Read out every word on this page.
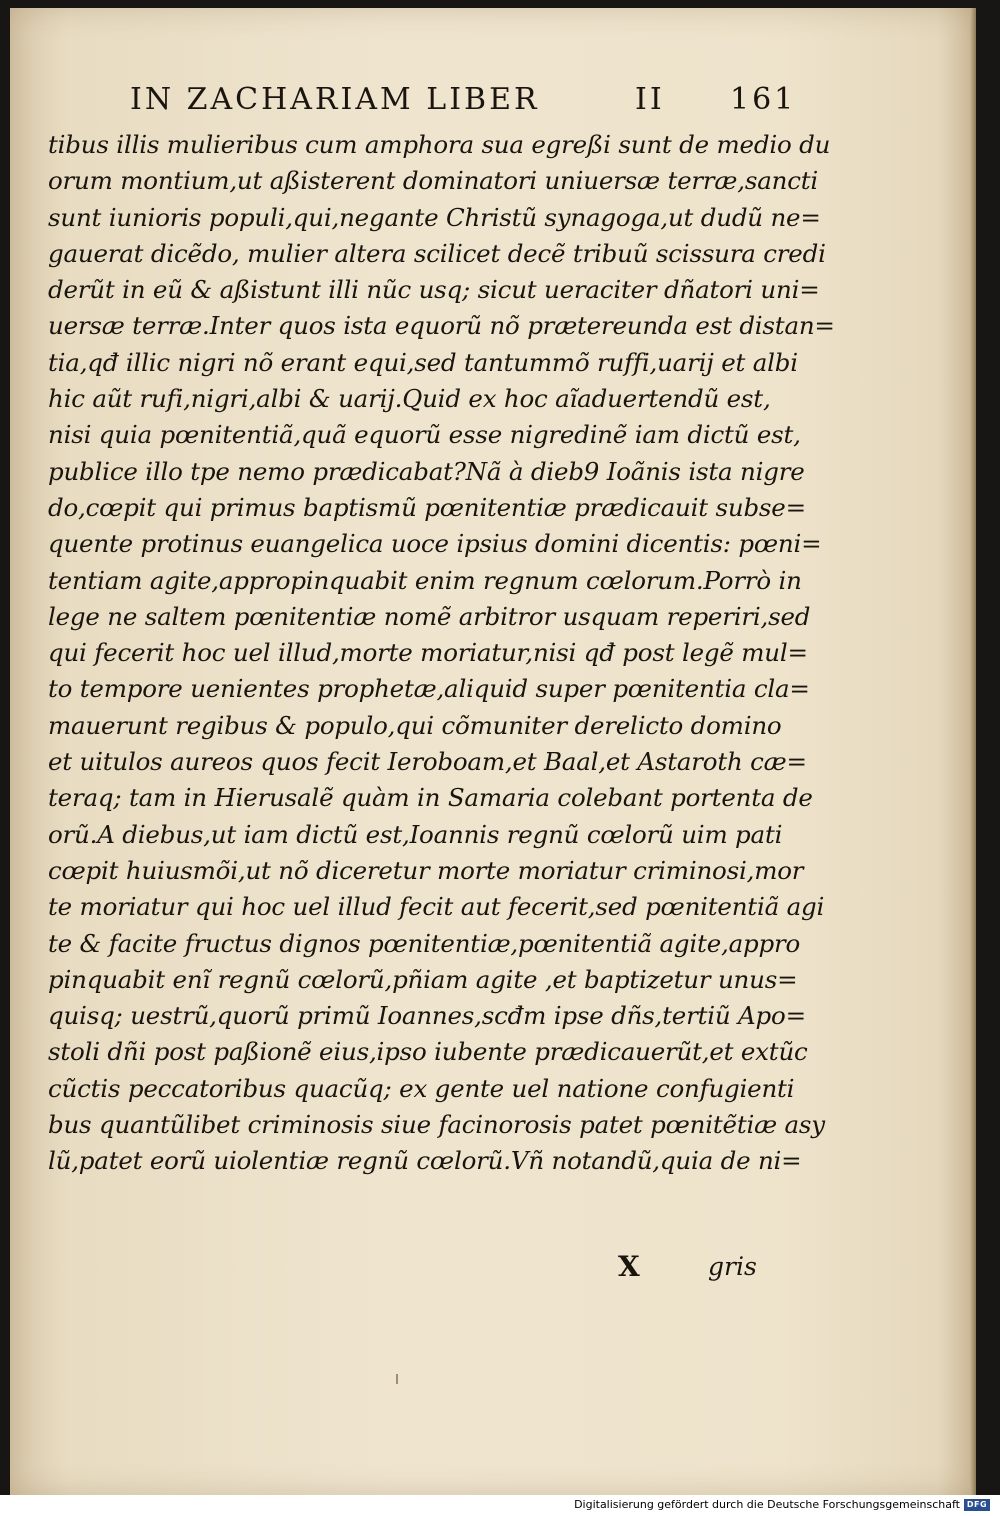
IN ZACHARIAM LIBER	II 161
tibus illis mulieribus cum amphora sua egreßi sunt de medio du
orum montium,ut aßisterent dominatori uniuersæ terræ,sancti
sunt iunioris populi,qui,negante Christũ synagoga,ut dudũ ne=
gauerat dicẽdo, mulier altera scilicet decẽ tribuũ scissura credi
derũt in eũ & aßistunt illi nũc usq; sicut ueraciter dñatori uni=
uersæ terræ.Inter quos ista equorũ nõ prætereunda est distan=
tia,qđ illic nigri nõ erant equi,sed tantummõ ruffi,uarij et albi
hic aũt rufi,nigri,albi & uarij.Quid ex hoc aĩaduertendũ est,
nisi quia pœnitentiã,quã equorũ esse nigredinẽ iam dictũ est,
publice illo tpe nemo prædicabat?Nã à dieb9 Ioãnis ista nigre
do,cœpit qui primus baptismũ pœnitentiæ prædicauit subse=
quente protinus euangelica uoce ipsius domini dicentis: pœni=
tentiam agite,appropinquabit enim regnum cœlorum.Porrò in
lege ne saltem pœnitentiæ nomẽ arbitror usquam reperiri,sed
qui fecerit hoc uel illud,morte moriatur,nisi qđ post legẽ mul=
to tempore uenientes prophetæ,aliquid super pœnitentia cla=
mauerunt regibus & populo,qui cõmuniter derelicto domino
et uitulos aureos quos fecit Ieroboam,et Baal,et Astaroth cæ=
teraq; tam in Hierusalẽ quàm in Samaria colebant portenta de
orũ.A diebus,ut iam dictũ est,Ioannis regnũ cœlorũ uim pati
cœpit huiusmõi,ut nõ diceretur morte moriatur criminosi,mor
te moriatur qui hoc uel illud fecit aut fecerit,sed pœnitentiã agi
te & facite fructus dignos pœnitentiæ,pœnitentiã agite,appro
pinquabit enĩ regnũ cœlorũ,pñiam agite ,et baptizetur unus=
quisq; uestrũ,quorũ primũ Ioannes,scđm ipse dñs,tertiũ Apo=
stoli dñi post paßionẽ eius,ipso iubente prædicauerũt,et extũc
cũctis peccatoribus quacũq; ex gente uel natione confugienti
bus quantũlibet criminosis siue facinorosis patet pœnitẽtiæ asy
lũ,patet eorũ uiolentiæ regnũ cœlorũ.Vñ notandũ,quia de ni=
X	gris
Digitalisierung gefördert durch die Deutsche Forschungsgemeinschaft DFG
